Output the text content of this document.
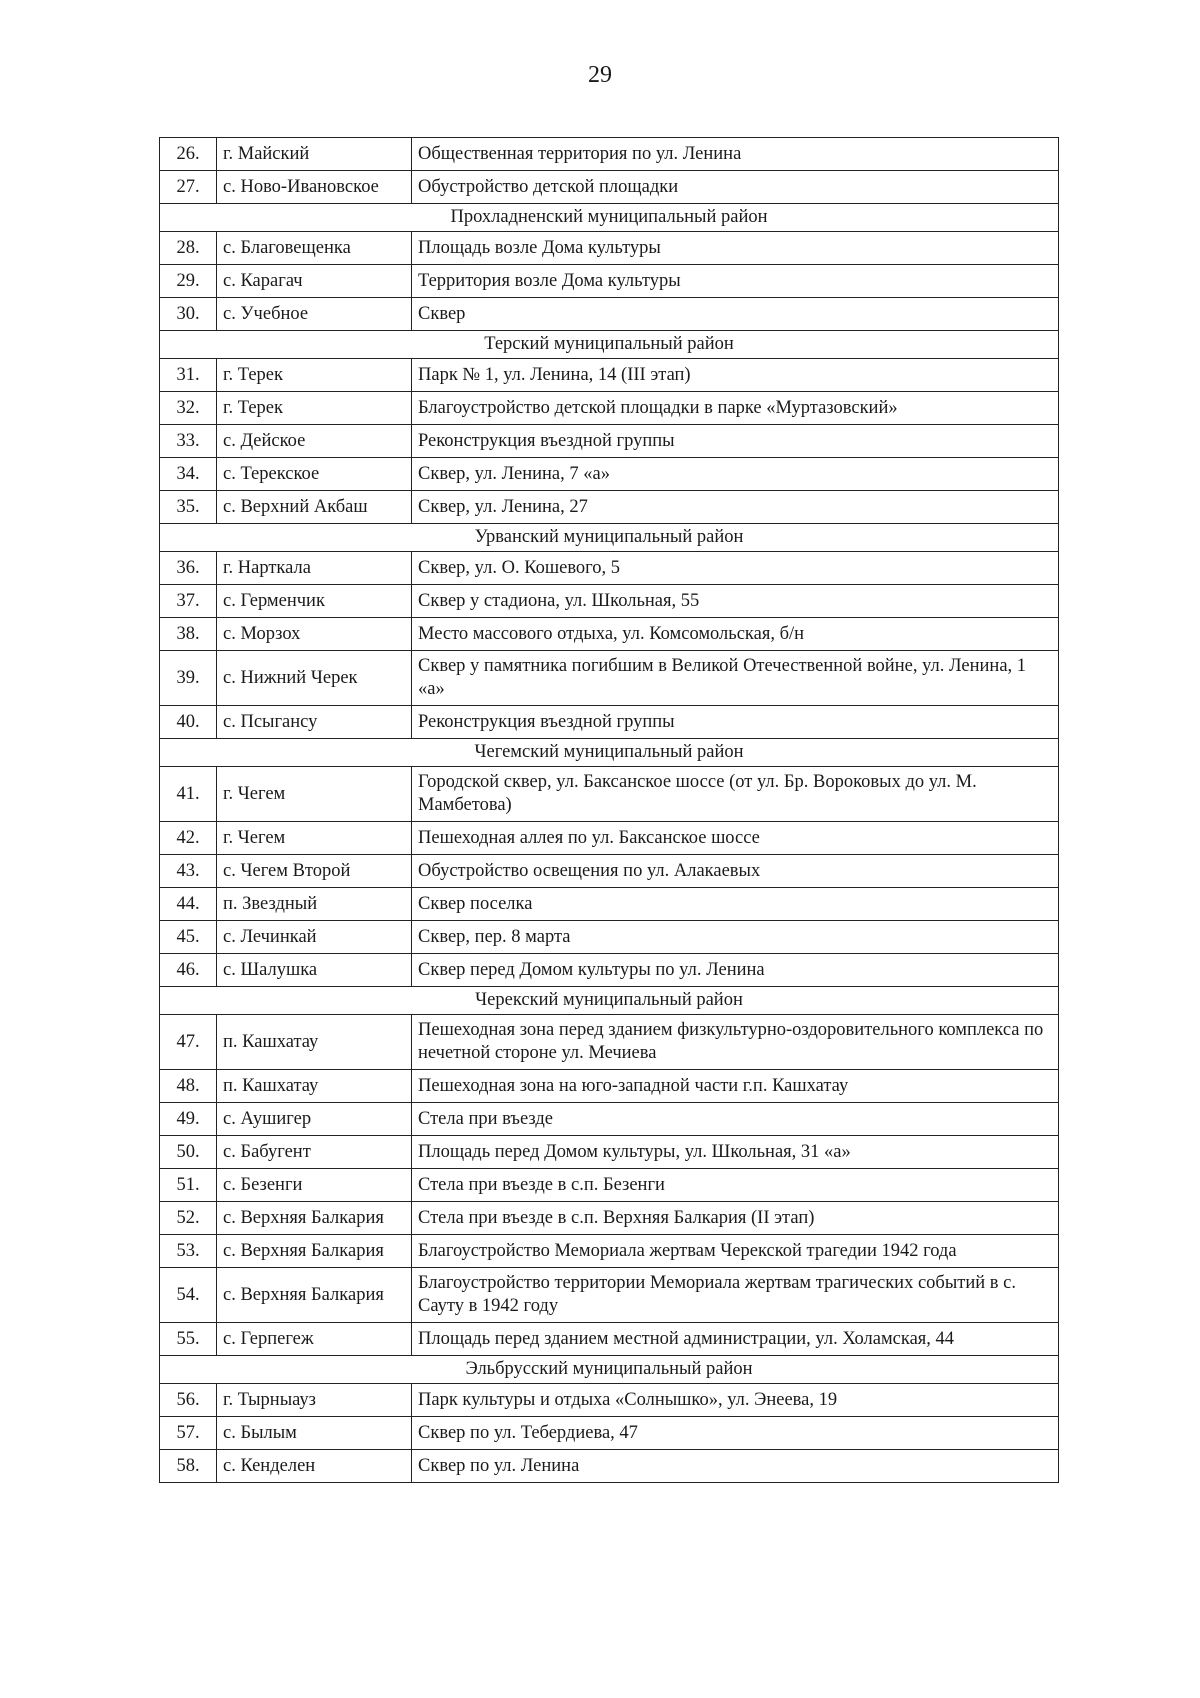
29
26.	г. Майский	Общественная территория по ул. Ленина
27.	с. Ново-Ивановское	Обустройство детской площадки
Прохладненский муниципальный район		
28.	с. Благовещенка	Площадь возле Дома культуры
29.	с. Карагач	Территория возле Дома культуры
30.	с. Учебное	Сквер
Терский муниципальный район		
31.	г. Терек	Парк № 1, ул. Ленина, 14 (III этап)
32.	г. Терек	Благоустройство детской площадки в парке «Муртазовский»
33.	с. Дейское	Реконструкция въездной группы
34.	с. Терекское	Сквер, ул. Ленина, 7 «а»
35.	с. Верхний Акбаш	Сквер, ул. Ленина, 27
Урванский муниципальный район		
36.	г. Нарткала	Сквер, ул. О. Кошевого, 5
37.	с. Герменчик	Сквер у стадиона, ул. Школьная, 55
38.	с. Морзох	Место массового отдыха, ул. Комсомольская, б/н
39.	с. Нижний Черек	Сквер у памятника погибшим в Великой Отечественной войне, ул. Ленина, 1 «а»
40.	с. Псыгансу	Реконструкция въездной группы
Чегемский муниципальный район		
41.	г. Чегем	Городской сквер, ул. Баксанское шоссе (от ул. Бр. Вороковых до ул. М. Мамбетова)
42.	г. Чегем	Пешеходная аллея по ул. Баксанское шоссе
43.	с. Чегем Второй	Обустройство освещения по ул. Алакаевых
44.	п. Звездный	Сквер поселка
45.	с. Лечинкай	Сквер, пер. 8 марта
46.	с. Шалушка	Сквер перед Домом культуры по ул. Ленина
Черекский муниципальный район		
47.	п. Кашхатау	Пешеходная зона перед зданием физкультурно-оздоровительного комплекса по нечетной стороне ул. Мечиева
48.	п. Кашхатау	Пешеходная зона на юго-западной части г.п. Кашхатау
49.	с. Аушигер	Стела при въезде
50.	с. Бабугент	Площадь перед Домом культуры, ул. Школьная, 31 «а»
51.	с. Безенги	Стела при въезде в с.п. Безенги
52.	с. Верхняя Балкария	Стела при въезде в с.п. Верхняя Балкария (II этап)
53.	с. Верхняя Балкария	Благоустройство Мемориала жертвам Черекской трагедии 1942 года
54.	с. Верхняя Балкария	Благоустройство территории Мемориала жертвам трагических событий в с. Сауту в 1942 году
55.	с. Герпегеж	Площадь перед зданием местной администрации, ул. Холамская, 44
Эльбрусский муниципальный район		
56.	г. Тырныауз	Парк культуры и отдыха «Солнышко», ул. Энеева, 19
57.	с. Былым	Сквер по ул. Тебердиева, 47
58.	с. Кенделен	Сквер по ул. Ленина
